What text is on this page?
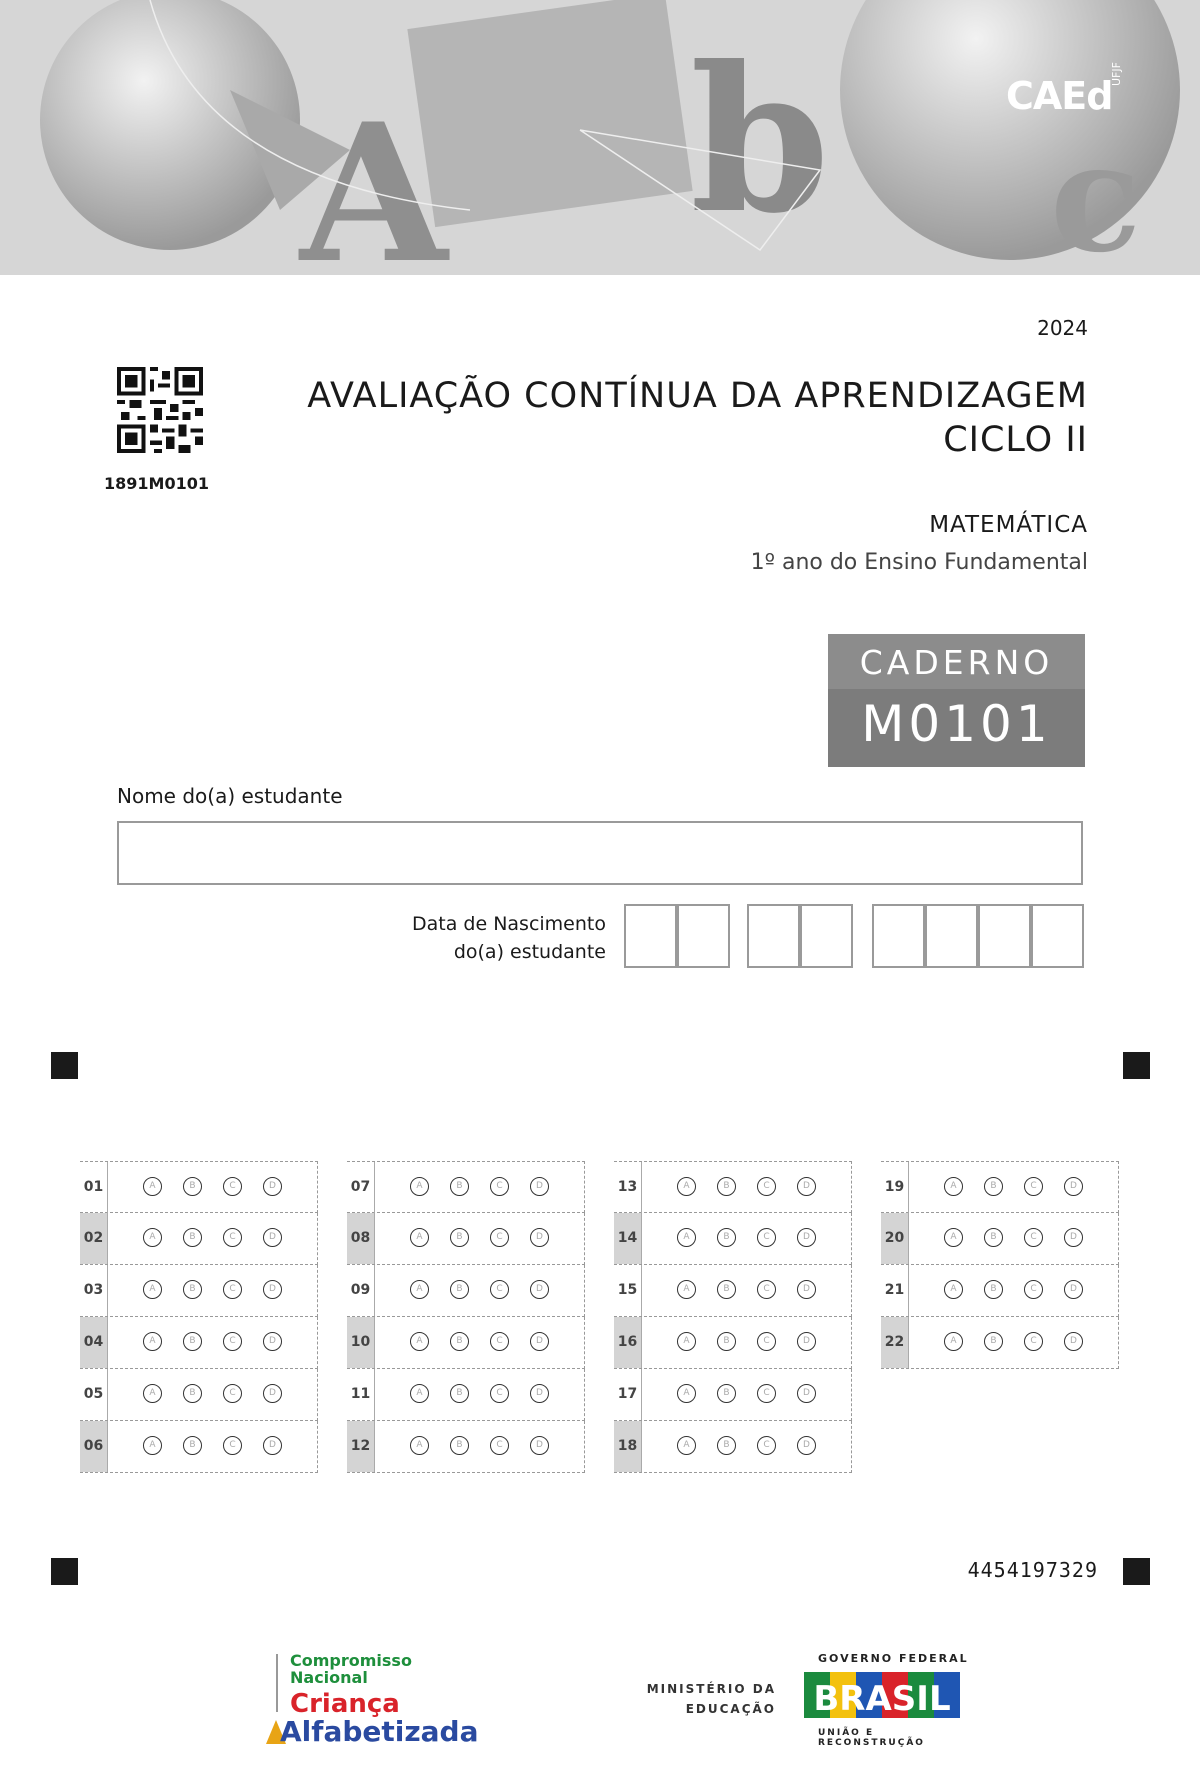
A b c
CAEd
UFJF
2024
1891M0101
AVALIAÇÃO CONTÍNUA DA APRENDIZAGEM
CICLO II
MATEMÁTICA
1º ano do Ensino Fundamental
CADERNO
M0101
Nome do(a) estudante
Data de Nascimento
do(a) estudante
01	A	B	C	D
02	A	B	C	D
03	A	B	C	D
04	A	B	C	D
05	A	B	C	D
06	A	B	C	D
07	A	B	C	D
08	A	B	C	D
09	A	B	C	D
10	A	B	C	D
11	A	B	C	D
12	A	B	C	D
13	A	B	C	D
14	A	B	C	D
15	A	B	C	D
16	A	B	C	D
17	A	B	C	D
18	A	B	C	D
19	A	B	C	D
20	A	B	C	D
21	A	B	C	D
22	A	B	C	D
4454197329
Compromisso
Nacional
Criança
Alfabetizada
MINISTÉRIO DA
EDUCAÇÃO
GOVERNO FEDERAL
BRASIL
UNIÃO E RECONSTRUÇÃO
